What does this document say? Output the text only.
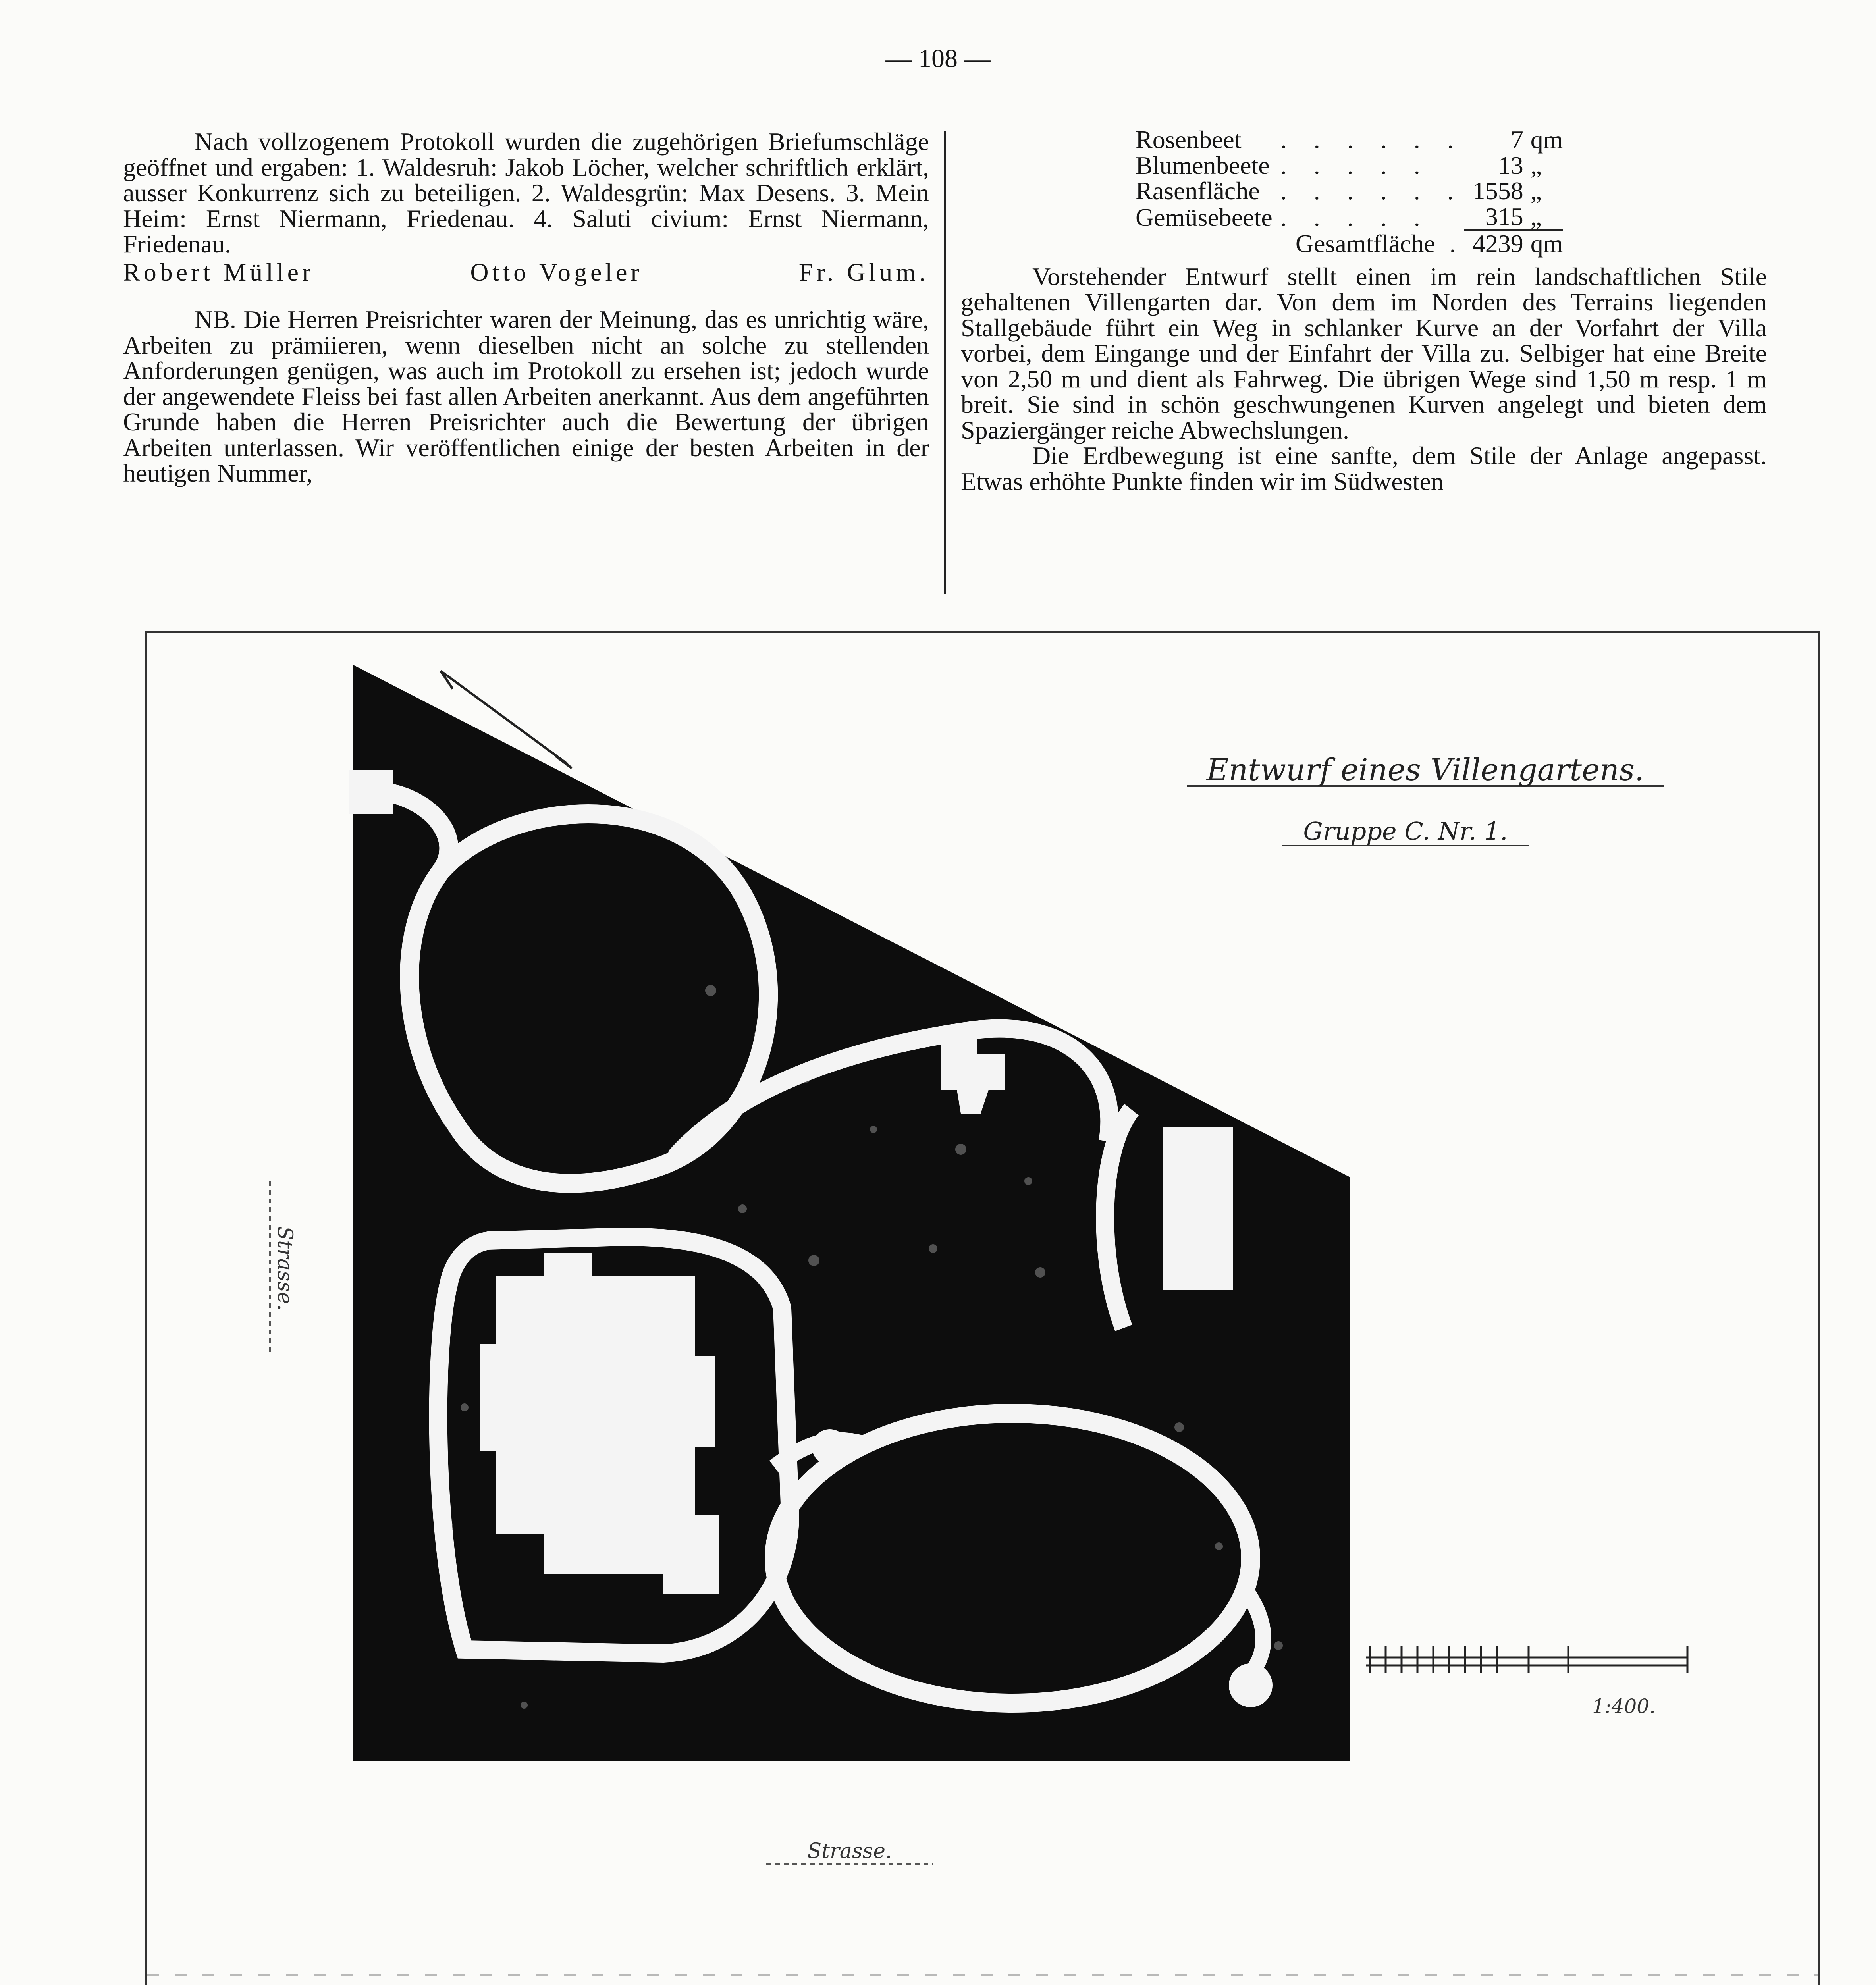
— 108 —

Nach vollzogenem Protokoll wurden die zugehörigen Briefumschläge geöffnet und ergaben: 1. Waldesruh: Jakob Löcher, welcher schriftlich erklärt, ausser Konkurrenz sich zu beteiligen. 2. Waldesgrün: Max Desens. 3. Mein Heim: Ernst Niermann, Friedenau. 4. Saluti civium: Ernst Niermann, Friedenau.

Robert Müller	Otto Vogeler	Fr. Glum.

NB. Die Herren Preisrichter waren der Meinung, das es unrichtig wäre, Arbeiten zu prämiieren, wenn dieselben nicht an solche zu stellenden Anforderungen genügen, was auch im Protokoll zu ersehen ist; jedoch wurde der angewendete Fleiss bei fast allen Arbeiten anerkannt. Aus dem angeführten Grunde haben die Herren Preisrichter auch die Bewertung der übrigen Arbeiten unterlassen. Wir veröffentlichen einige der besten Arbeiten in der heutigen Nummer,

Rosenbeet	. . . . . .	7	qm
Blumenbeete	. . . . .	13	„
Rasenfläche	. . . . . .	1558	„
Gemüsebeete	. . . . .	315	„
Gesamtfläche .		4239	qm

Vorstehender Entwurf stellt einen im rein landschaftlichen Stile gehaltenen Villengarten dar. Von dem im Norden des Terrains liegenden Stallgebäude führt ein Weg in schlanker Kurve an der Vorfahrt der Villa vorbei, dem Eingange und der Einfahrt der Villa zu. Selbiger hat eine Breite von 2,50 m und dient als Fahrweg. Die übrigen Wege sind 1,50 m resp. 1 m breit. Sie sind in schön geschwungenen Kurven angelegt und bieten dem Spaziergänger reiche Abwechslungen.

Die Erdbewegung ist eine sanfte, dem Stile der Anlage angepasst. Etwas erhöhte Punkte finden wir im Südwesten

Entwurf eines Villengartens.
Gruppe C. Nr. 1.
Strasse.
Strasse.
1:400.
